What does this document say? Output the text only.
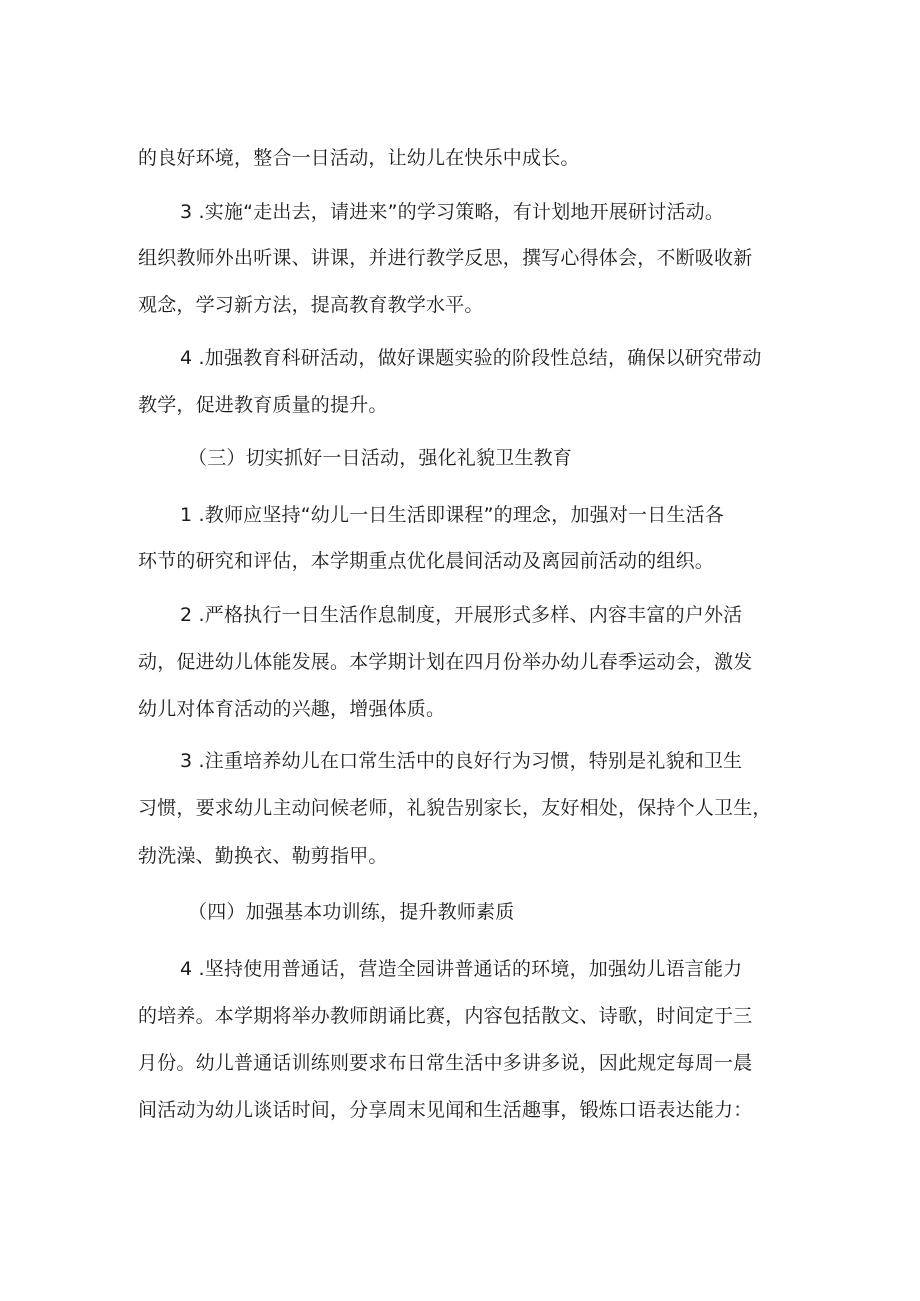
的良好环境，整合一日活动，让幼儿在快乐中成长。
3 .实施“走出去，请进来”的学习策略，有计划地开展研讨活动。
组织教师外出听课、讲课，并进行教学反思，撰写心得体会，不断吸收新
观念，学习新方法，提高教育教学水平。
4 .加强教育科研活动，做好课题实验的阶段性总结，确保以研究带动
教学，促进教育质量的提升。
（三）切实抓好一日活动，强化礼貌卫生教育
1 .教师应坚持“幼儿一日生活即课程”的理念，加强对一日生活各
环节的研究和评估，本学期重点优化晨间活动及离园前活动的组织。
2 .严格执行一日生活作息制度，开展形式多样、内容丰富的户外活
动，促进幼儿体能发展。本学期计划在四月份举办幼儿春季运动会，激发
幼儿对体育活动的兴趣，增强体质。
3 .注重培养幼儿在口常生活中的良好行为习惯，特别是礼貌和卫生
习惯，要求幼儿主动问候老师，礼貌告别家长，友好相处，保持个人卫生，
勃洗澡、勤换衣、勒剪指甲。
（四）加强基本功训练，提升教师素质
4 .坚持使用普通话，营造全园讲普通话的环境，加强幼儿语言能力
的培养。本学期将举办教师朗诵比赛，内容包括散文、诗歌，时间定于三
月份。幼儿普通话训练则要求布日常生活中多讲多说，因此规定每周一晨
间活动为幼儿谈话时间，分享周末见闻和生活趣事，锻炼口语表达能力：
